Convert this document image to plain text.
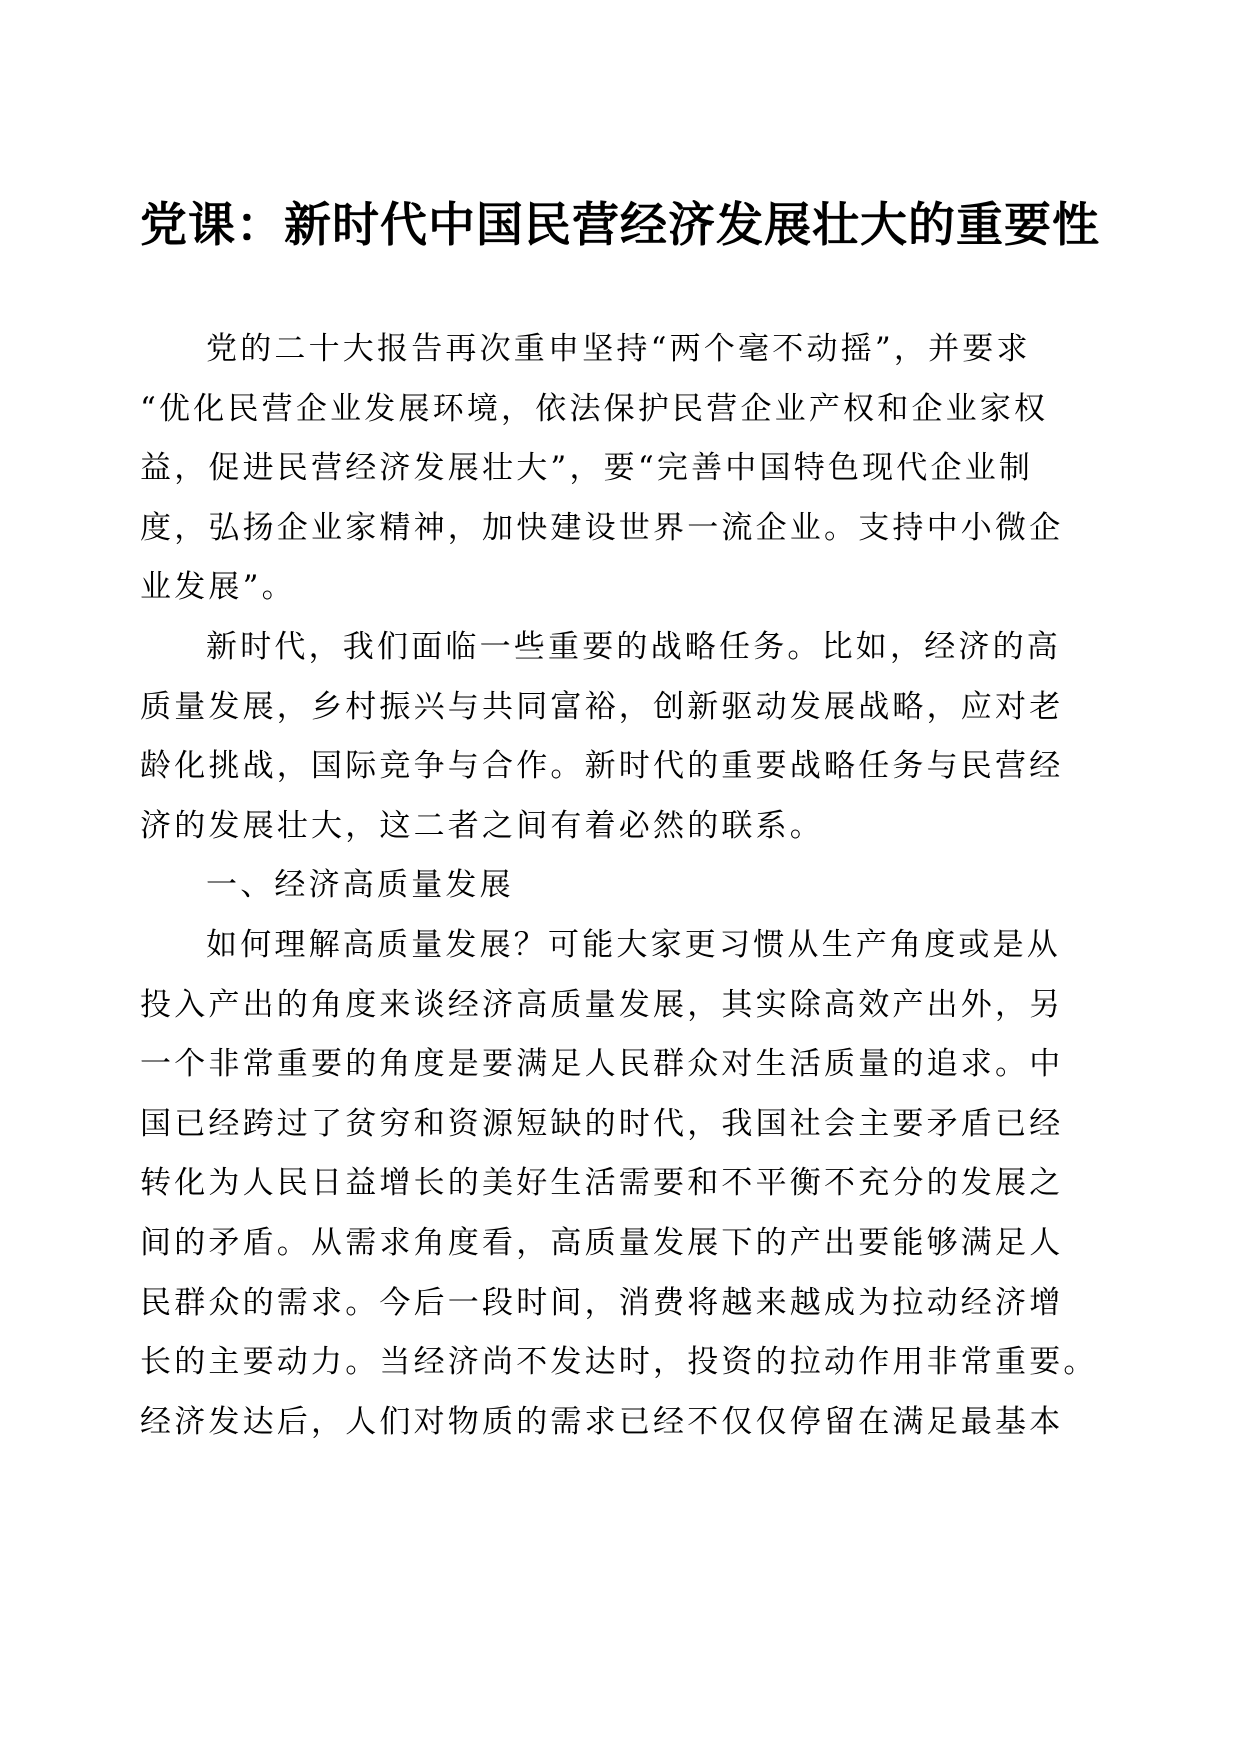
党课：新时代中国民营经济发展壮大的重要性

党的二十大报告再次重申坚持“两个毫不动摇”，并要求
“优化民营企业发展环境，依法保护民营企业产权和企业家权
益，促进民营经济发展壮大”，要“完善中国特色现代企业制
度，弘扬企业家精神，加快建设世界一流企业。支持中小微企
业发展”。

新时代，我们面临一些重要的战略任务。比如，经济的高
质量发展，乡村振兴与共同富裕，创新驱动发展战略，应对老
龄化挑战，国际竞争与合作。新时代的重要战略任务与民营经
济的发展壮大，这二者之间有着必然的联系。

一、经济高质量发展

如何理解高质量发展？可能大家更习惯从生产角度或是从
投入产出的角度来谈经济高质量发展，其实除高效产出外，另
一个非常重要的角度是要满足人民群众对生活质量的追求。中
国已经跨过了贫穷和资源短缺的时代，我国社会主要矛盾已经
转化为人民日益增长的美好生活需要和不平衡不充分的发展之
间的矛盾。从需求角度看，高质量发展下的产出要能够满足人
民群众的需求。今后一段时间，消费将越来越成为拉动经济增
长的主要动力。当经济尚不发达时，投资的拉动作用非常重要。
经济发达后，人们对物质的需求已经不仅仅停留在满足最基本
